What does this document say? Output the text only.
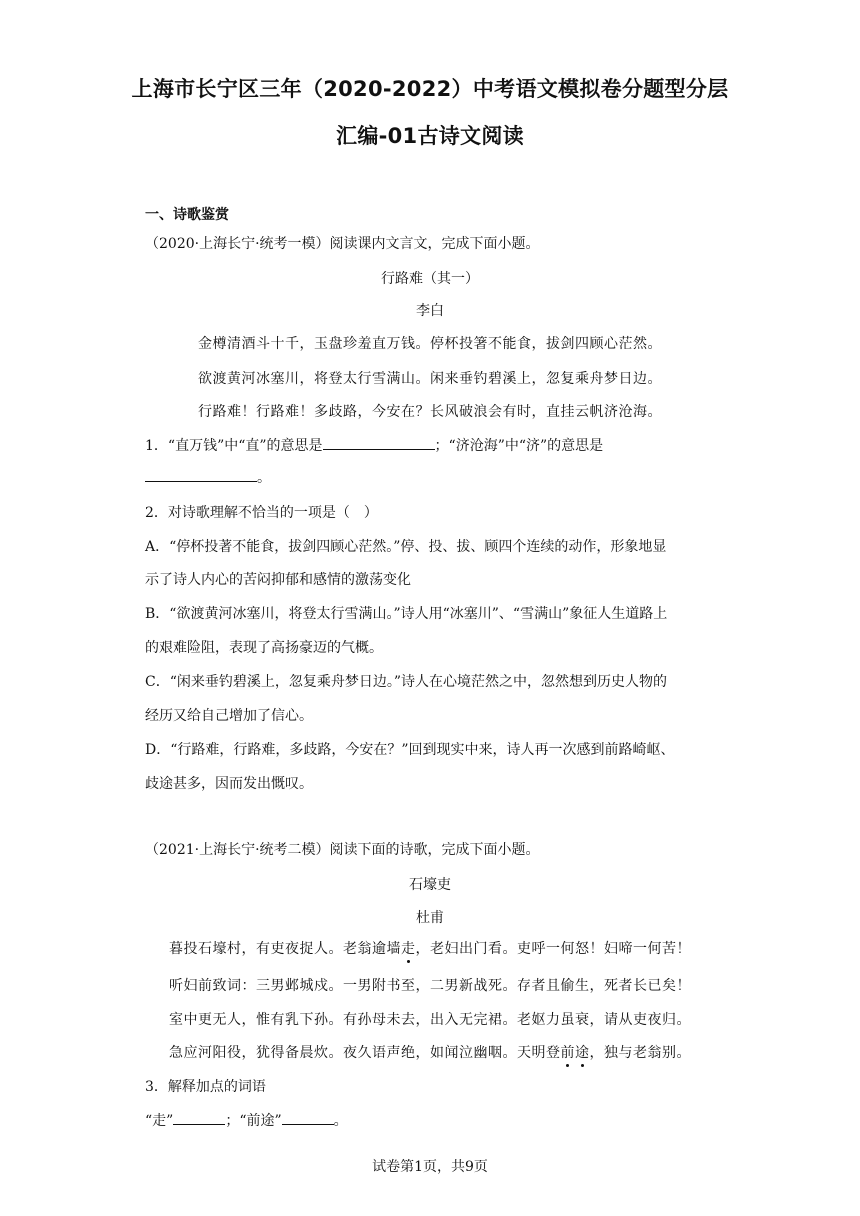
上海市长宁区三年（2020-2022）中考语文模拟卷分题型分层
汇编-01古诗文阅读
一、诗歌鉴赏
（2020·上海长宁·统考一模）阅读课内文言文，完成下面小题。
行路难（其一）
李白
金樽清酒斗十千，玉盘珍羞直万钱。停杯投箸不能食，拔剑四顾心茫然。
欲渡黄河冰塞川，将登太行雪满山。闲来垂钓碧溪上，忽复乘舟梦日边。
行路难！行路难！多歧路，今安在？长风破浪会有时，直挂云帆济沧海。
1．“直万钱”中“直”的意思是	；“济沧海”中“济”的意思是
。
2．对诗歌理解不恰当的一项是（　）
A．“停杯投著不能食，拔剑四顾心茫然。”停、投、拔、顾四个连续的动作，形象地显
示了诗人内心的苦闷抑郁和感情的激荡变化
B．“欲渡黄河冰塞川，将登太行雪满山。”诗人用“冰塞川”、“雪满山”象征人生道路上
的艰难险阻，表现了高扬豪迈的气概。
C．“闲来垂钓碧溪上，忽复乘舟梦日边。”诗人在心境茫然之中，忽然想到历史人物的
经历又给自己增加了信心。
D．“行路难，行路难，多歧路，今安在？”回到现实中来，诗人再一次感到前路崎岖、
歧途甚多，因而发出慨叹。
（2021·上海长宁·统考二模）阅读下面的诗歌，完成下面小题。
石壕吏
杜甫
暮投石壕村，有吏夜捉人。老翁逾墙走，老妇出门看。吏呼一何怒！妇啼一何苦！
听妇前致词：三男邺城戍。一男附书至，二男新战死。存者且偷生，死者长已矣！
室中更无人，惟有乳下孙。有孙母未去，出入无完裙。老妪力虽衰，请从吏夜归。
急应河阳役，犹得备晨炊。夜久语声绝，如闻泣幽咽。天明登前途，独与老翁别。
3．解释加点的词语
“走”	；“前途”	。
试卷第1页，共9页
